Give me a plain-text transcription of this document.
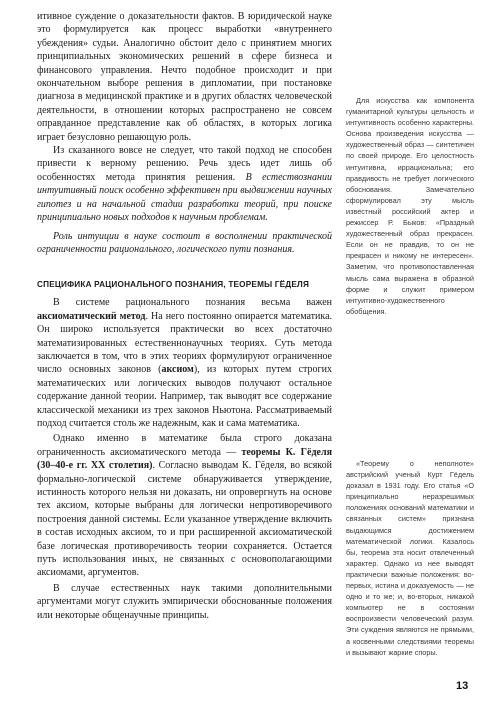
итивное суждение о доказательности фактов. В юридической науке это формулируется как процесс выработки «внутреннего убеждения» судьи. Аналогично обстоит дело с принятием многих принципиальных экономических решений в сфере бизнеса и финансового управления. Нечто подобное происходит и при окончательном выборе решения в дипломатии, при постановке диагноза в медицинской практике и в других областях человеческой деятельности, в отношении которых распространено не совсем оправданное представление как об областях, в которых логика играет безусловно решающую роль.

Из сказанного вовсе не следует, что такой подход не способен привести к верному решению. Речь здесь идет лишь об особенностях метода принятия решения. В естествознании интуитивный поиск особенно эффективен при выдвижении научных гипотез и на начальной стадии разработки теорий, при поиске принципиально новых подходов к научным проблемам.

Роль интуиции в науке состоит в восполнении практической ограниченности рационального, логического пути познания.

СПЕЦИФИКА РАЦИОНАЛЬНОГО ПОЗНАНИЯ, ТЕОРЕМЫ ГЁДЕЛЯ

В системе рационального познания весьма важен аксиоматический метод. На него постоянно опирается математика. Он широко используется практически во всех достаточно математизированных естественнонаучных теориях. Суть метода заключается в том, что в этих теориях формулируют ограниченное число основных законов (аксиом), из которых путем строгих математических или логических выводов получают остальное содержание данной теории. Например, так выводят все содержание классической механики из трех законов Ньютона. Рассматриваемый подход считается столь же надежным, как и сама математика.

Однако именно в математике была строго доказана ограниченность аксиоматического метода — теоремы К. Гёделя (30–40-е гг. XX столетия). Согласно выводам К. Гёделя, во всякой формально-логической системе обнаруживается утверждение, истинность которого нельзя ни доказать, ни опровергнуть на основе тех аксиом, которые выбраны для логически непротиворечивого построения данной системы. Если указанное утверждение включить в состав исходных аксиом, то и при расширенной аксиоматической базе логическая противоречивость теории сохраняется. Остается путь использования иных, не связанных с основополагающими аксиомами, аргументов.

В случае естественных наук такими дополнительными аргументами могут служить эмпирически обоснованные положения или некоторые общенаучные принципы.

Для искусства как компонента гуманитарной культуры цельность и интуитивность особенно характерны. Основа произведения искусства — художественный образ — синтетичен по своей природе. Его целостность интуитивна, иррациональна; его правдивость не требует логического обоснования. Замечательно сформулировал эту мысль известный российский актер и режиссер Р. Быков: «Праздный художественный образ прекрасен. Если он не правдив, то он не прекрасен и никому не интересен». Заметим, что противопоставленная мысль сама выражена в образной форме и служит примером интуитивно-художественного обобщения.

«Теорему о неполноте» австрийский ученый Курт Гёдель доказал в 1931 году. Его статья «О принципиально неразрешимых положениях оснований математики и связанных систем» признана выдающимся достижением математической логики. Казалось бы, теорема эта носит отвлеченный характер. Однако из нее выводят практически важные положения: во-первых, истина и доказуемость — не одно и то же; и, во-вторых, никакой компьютер не в состоянии воспроизвести человеческий разум. Эти суждения являются не прямыми, а косвенными следствиями теоремы и вызывают жаркие споры.

13
